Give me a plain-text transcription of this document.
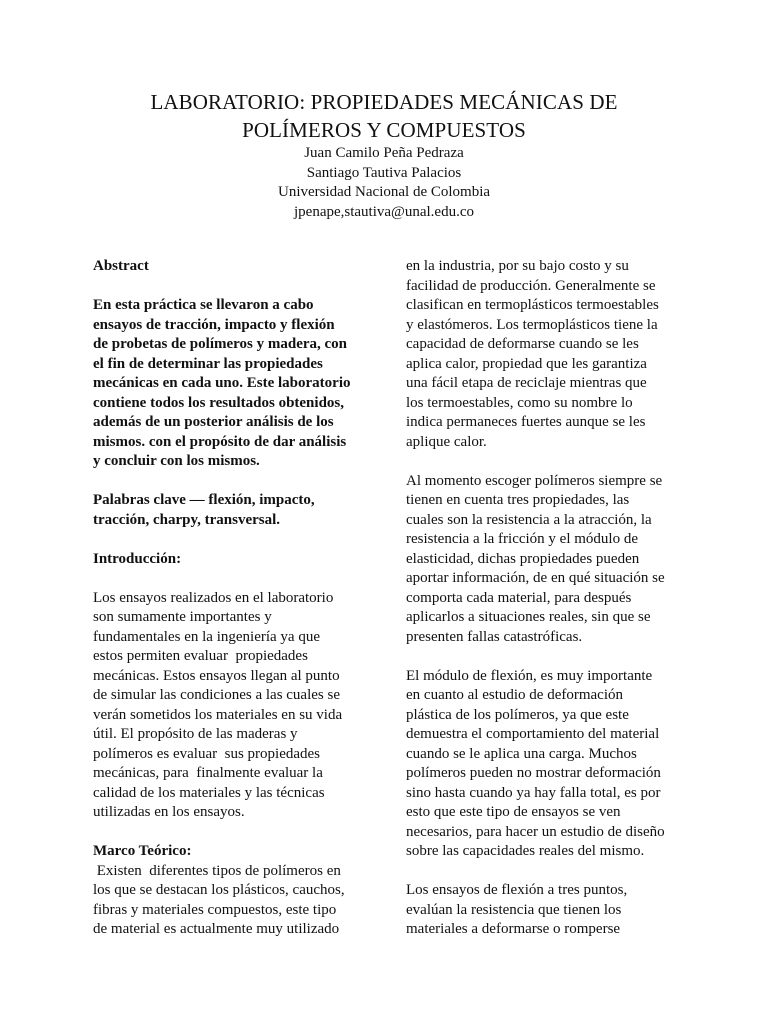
LABORATORIO: PROPIEDADES MECÁNICAS DE

POLÍMEROS Y COMPUESTOS

Juan Camilo Peña Pedraza

Santiago Tautiva Palacios

Universidad Nacional de Colombia

jpenape,stautiva@unal.edu.co

Abstract

En esta práctica se llevaron a cabo
ensayos de tracción, impacto y flexión
de probetas de polímeros y madera, con
el fin de determinar las propiedades
mecánicas en cada uno. Este laboratorio
contiene todos los resultados obtenidos,
además de un posterior análisis de los
mismos. con el propósito de dar análisis
y concluir con los mismos.

Palabras clave — flexión, impacto,
tracción, charpy, transversal.

Introducción:

Los ensayos realizados en el laboratorio
son sumamente importantes y
fundamentales en la ingeniería ya que
estos permiten evaluar  propiedades
mecánicas. Estos ensayos llegan al punto
de simular las condiciones a las cuales se
verán sometidos los materiales en su vida
útil. El propósito de las maderas y
polímeros es evaluar  sus propiedades
mecánicas, para  finalmente evaluar la
calidad de los materiales y las técnicas
utilizadas en los ensayos.

Marco Teórico:

Existen  diferentes tipos de polímeros en
los que se destacan los plásticos, cauchos,
fibras y materiales compuestos, este tipo
de material es actualmente muy utilizado

en la industria, por su bajo costo y su
facilidad de producción. Generalmente se
clasifican en termoplásticos termoestables
y elastómeros. Los termoplásticos tiene la
capacidad de deformarse cuando se les
aplica calor, propiedad que les garantiza
una fácil etapa de reciclaje mientras que
los termoestables, como su nombre lo
indica permaneces fuertes aunque se les
aplique calor.

Al momento escoger polímeros siempre se
tienen en cuenta tres propiedades, las
cuales son la resistencia a la atracción, la
resistencia a la fricción y el módulo de
elasticidad, dichas propiedades pueden
aportar información, de en qué situación se
comporta cada material, para después
aplicarlos a situaciones reales, sin que se
presenten fallas catastróficas.

El módulo de flexión, es muy importante
en cuanto al estudio de deformación
plástica de los polímeros, ya que este
demuestra el comportamiento del material
cuando se le aplica una carga. Muchos
polímeros pueden no mostrar deformación
sino hasta cuando ya hay falla total, es por
esto que este tipo de ensayos se ven
necesarios, para hacer un estudio de diseño
sobre las capacidades reales del mismo.

Los ensayos de flexión a tres puntos,
evalúan la resistencia que tienen los
materiales a deformarse o romperse
